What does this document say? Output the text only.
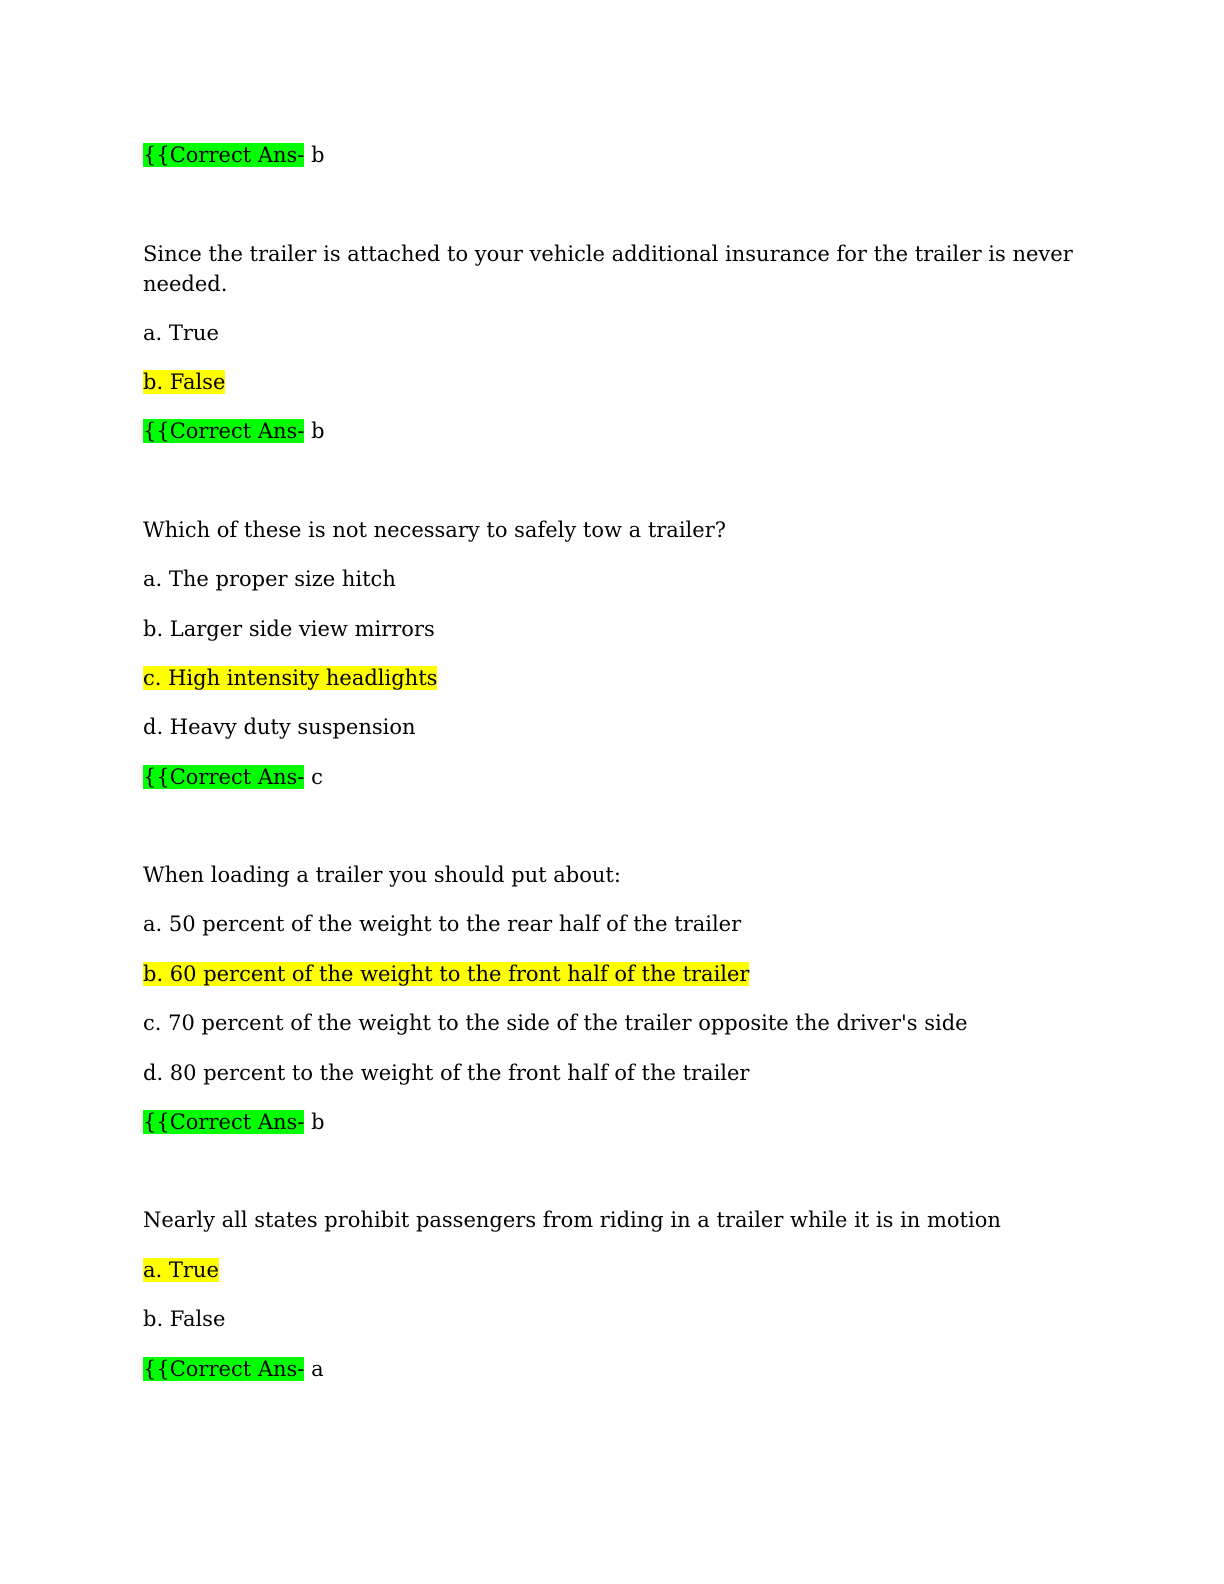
{{Correct Ans- b
Since the trailer is attached to your vehicle additional insurance for the trailer is never needed.
a. True
b. False
{{Correct Ans- b
Which of these is not necessary to safely tow a trailer?
a. The proper size hitch
b. Larger side view mirrors
c. High intensity headlights
d. Heavy duty suspension
{{Correct Ans- c
When loading a trailer you should put about:
a. 50 percent of the weight to the rear half of the trailer
b. 60 percent of the weight to the front half of the trailer
c. 70 percent of the weight to the side of the trailer opposite the driver's side
d. 80 percent to the weight of the front half of the trailer
{{Correct Ans- b
Nearly all states prohibit passengers from riding in a trailer while it is in motion
a. True
b. False
{{Correct Ans- a
